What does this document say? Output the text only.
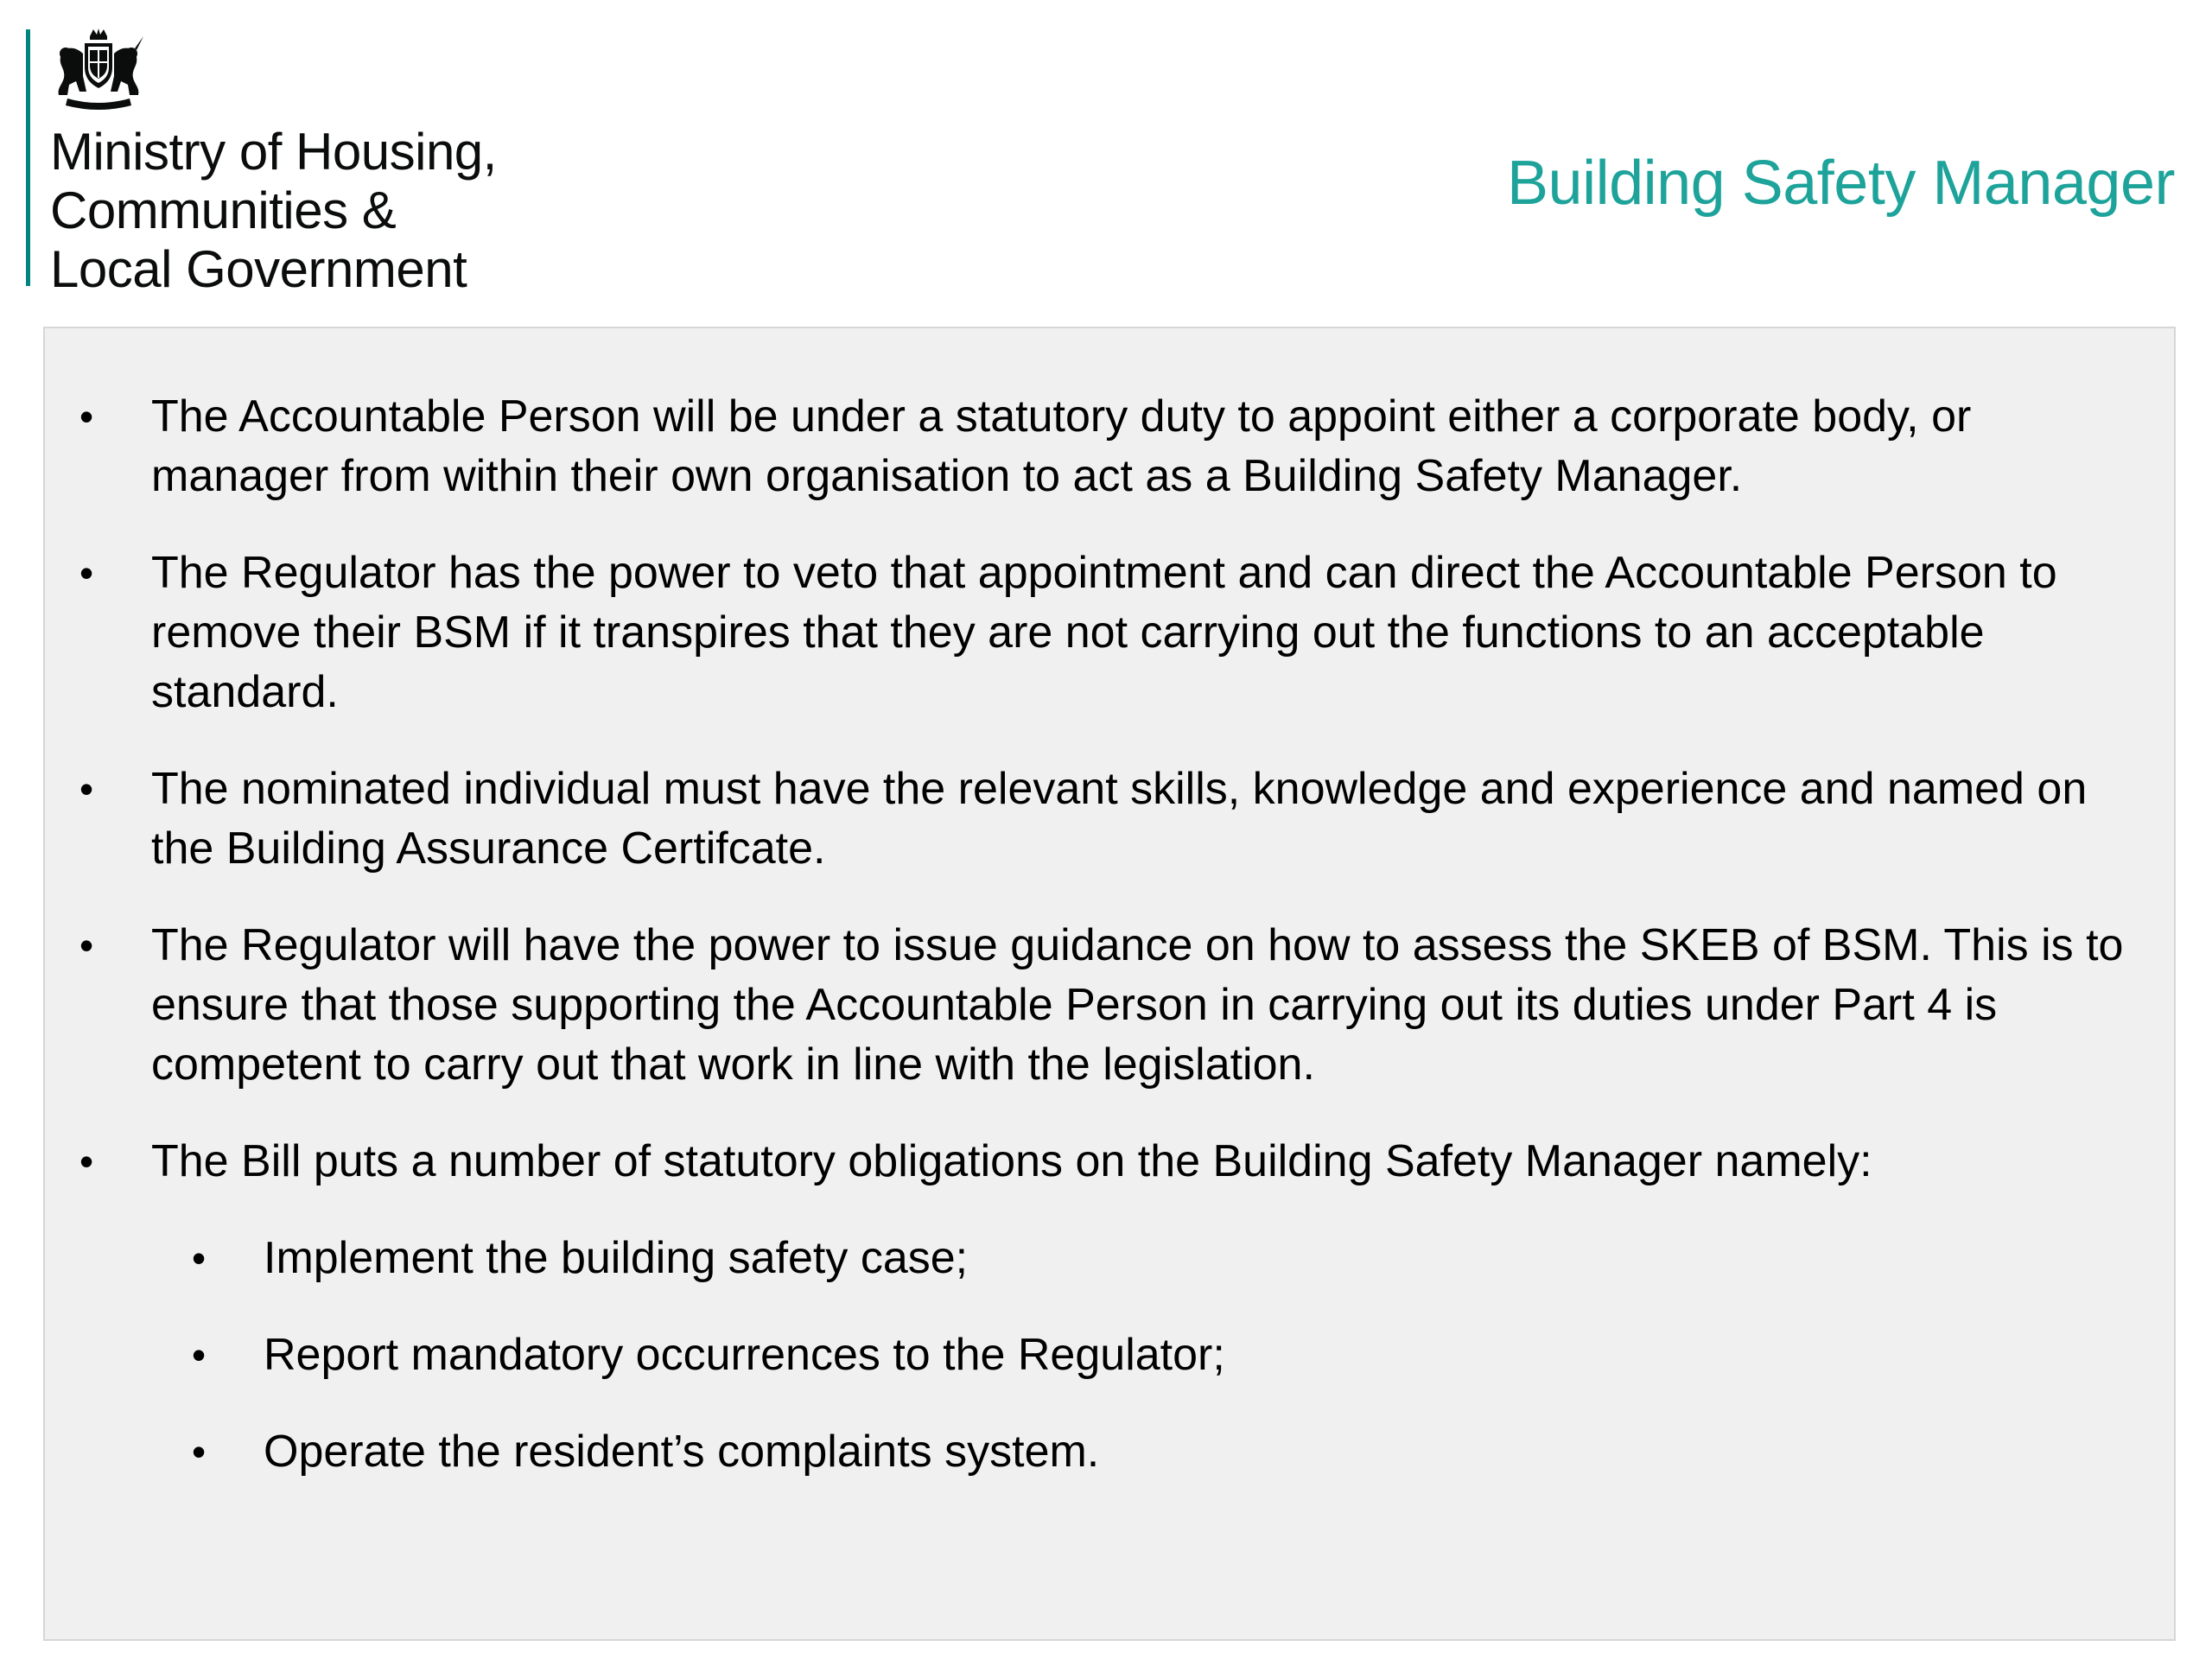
Ministry of Housing,
Communities &
Local Government
Building Safety Manager
• The Accountable Person will be under a statutory duty to appoint either a corporate body, or manager from within their own organisation to act as a Building Safety Manager.
• The Regulator has the power to veto that appointment and can direct the Accountable Person to remove their BSM if it transpires that they are not carrying out the functions to an acceptable standard.
• The nominated individual must have the relevant skills, knowledge and experience and named on the Building Assurance Certifcate.
• The Regulator will have the power to issue guidance on how to assess the SKEB of BSM. This is to ensure that those supporting the Accountable Person in carrying out its duties under Part 4 is competent to carry out that work in line with the legislation.
• The Bill puts a number of statutory obligations on the Building Safety Manager namely:
• Implement the building safety case;
• Report mandatory occurrences to the Regulator;
• Operate the resident’s complaints system.
